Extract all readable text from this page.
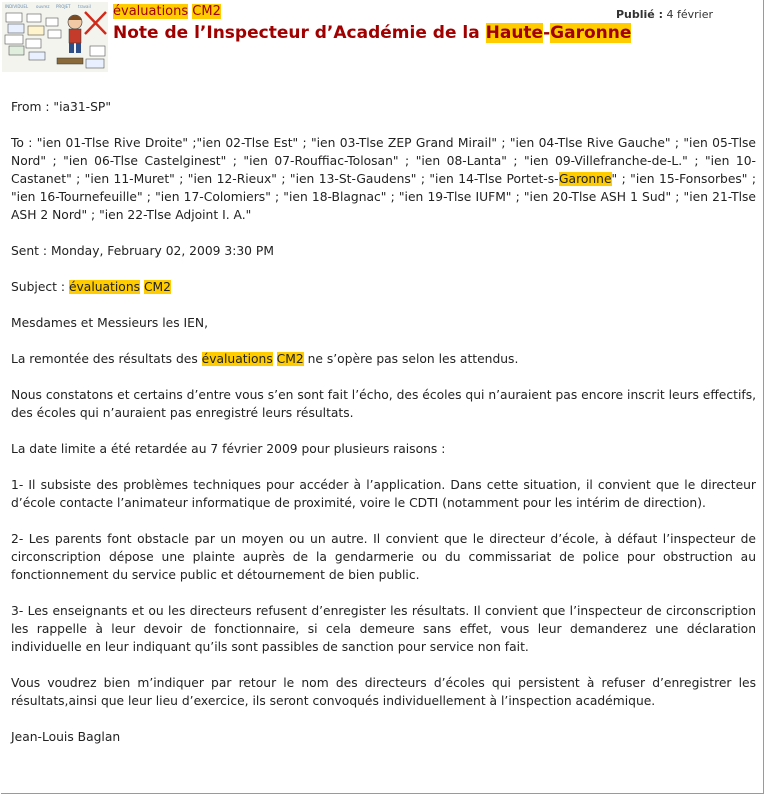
INDIVIDUEL ouvrez PROJET travail évaluations CM2
Note de l’Inspecteur d’Académie de la Haute-Garonne
Publié : 4 février

From : "ia31-SP"

To : "ien 01-Tlse Rive Droite" ;"ien 02-Tlse Est" ; "ien 03-Tlse ZEP Grand Mirail" ; "ien 04-Tlse Rive Gauche" ; "ien 05-Tlse Nord" ; "ien 06-Tlse Castelginest" ; "ien 07-Rouffiac-Tolosan" ; "ien 08-Lanta" ; "ien 09-Villefranche-de-L." ; "ien 10-Castanet" ; "ien 11-Muret" ; "ien 12-Rieux" ; "ien 13-St-Gaudens" ; "ien 14-Tlse Portet-s-Garonne" ; "ien 15-Fonsorbes" ; "ien 16-Tournefeuille" ; "ien 17-Colomiers" ; "ien 18-Blagnac" ; "ien 19-Tlse IUFM" ; "ien 20-Tlse ASH 1 Sud" ; "ien 21-Tlse ASH 2 Nord" ; "ien 22-Tlse Adjoint I. A."

Sent : Monday, February 02, 2009 3:30 PM

Subject : évaluations CM2

Mesdames et Messieurs les IEN,

La remontée des résultats des évaluations CM2 ne s’opère pas selon les attendus.

Nous constatons et certains d’entre vous s’en sont fait l’écho, des écoles qui n’auraient pas encore inscrit leurs effectifs, des écoles qui n’auraient pas enregistré leurs résultats.

La date limite a été retardée au 7 février 2009 pour plusieurs raisons :

1- Il subsiste des problèmes techniques pour accéder à l’application. Dans cette situation, il convient que le directeur d’école contacte l’animateur informatique de proximité, voire le CDTI (notamment pour les intérim de direction).

2- Les parents font obstacle par un moyen ou un autre. Il convient que le directeur d’école, à défaut l’inspecteur de circonscription dépose une plainte auprès de la gendarmerie ou du commissariat de police pour obstruction au fonctionnement du service public et détournement de bien public.

3- Les enseignants et ou les directeurs refusent d’enregister les résultats. Il convient que l’inspecteur de circonscription les rappelle à leur devoir de fonctionnaire, si cela demeure sans effet, vous leur demanderez une déclaration individuelle en leur indiquant qu’ils sont passibles de sanction pour service non fait.

Vous voudrez bien m’indiquer par retour le nom des directeurs d’écoles qui persistent à refuser d’enregistrer les résultats,ainsi que leur lieu d’exercice, ils seront convoqués individuellement à l’inspection académique.

Jean-Louis Baglan
